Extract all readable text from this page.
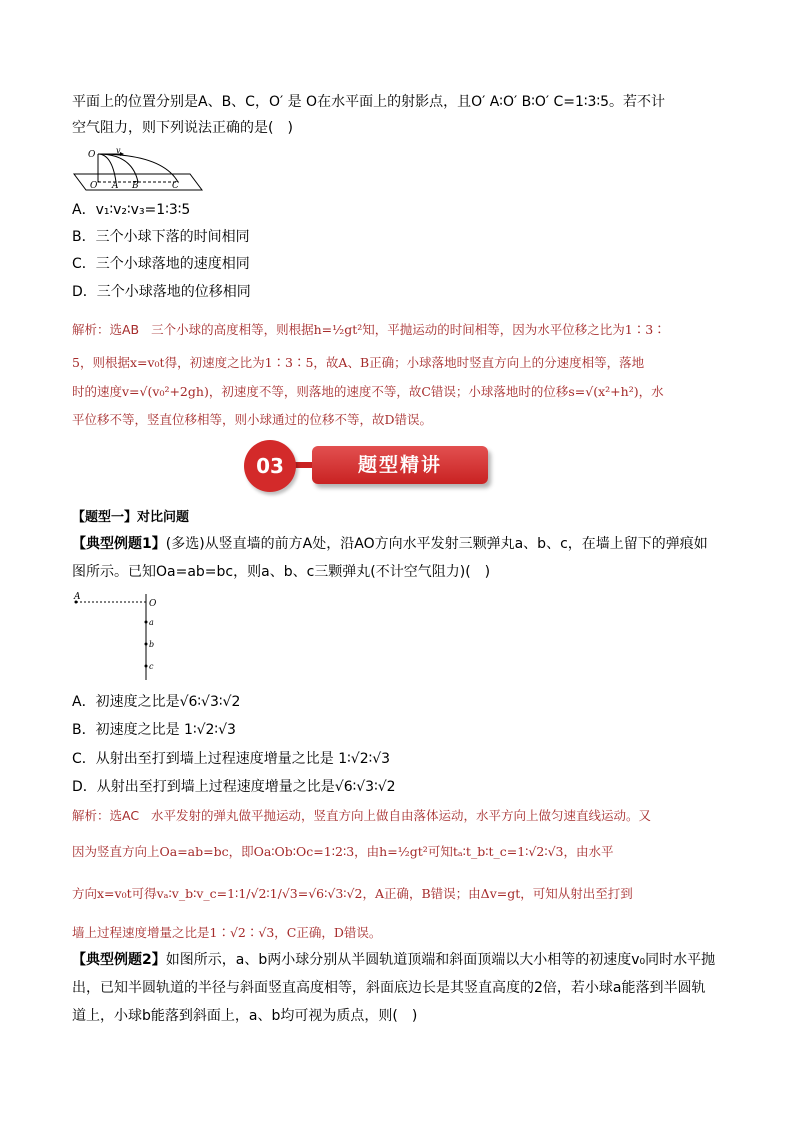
平面上的位置分别是A、B、C，O′ 是 O在水平面上的射影点，且O′ A∶O′ B∶O′ C=1∶3∶5。若不计
空气阻力，则下列说法正确的是(　)
O	v
O′ A B	C
A．v₁∶v₂∶v₃=1∶3∶5
B．三个小球下落的时间相同
C．三个小球落地的速度相同
D．三个小球落地的位移相同
解析：选AB 三个小球的高度相等，则根据h=½gt²知，平抛运动的时间相等，因为水平位移之比为1∶3∶
5，则根据x=v₀t得，初速度之比为1∶3∶5，故A、B正确；小球落地时竖直方向上的分速度相等，落地
时的速度v=√(v₀²+2gh)，初速度不等，则落地的速度不等，故C错误；小球落地时的位移s=√(x²+h²)，水
平位移不等，竖直位移相等，则小球通过的位移不等，故D错误。
03	题型精讲
【题型一】对比问题
【典型例题1】(多选)从竖直墙的前方A处，沿AO方向水平发射三颗弹丸a、b、c，在墙上留下的弹痕如
图所示。已知Oa=ab=bc，则a、b、c三颗弹丸(不计空气阻力)(　)
A
O
a
b
c
A．初速度之比是√6∶√3∶√2
B．初速度之比是 1∶√2∶√3
C．从射出至打到墙上过程速度增量之比是 1∶√2∶√3
D．从射出至打到墙上过程速度增量之比是√6∶√3∶√2
解析：选AC 水平发射的弹丸做平抛运动，竖直方向上做自由落体运动，水平方向上做匀速直线运动。又
因为竖直方向上Oa=ab=bc，即Oa∶Ob∶Oc=1∶2∶3，由h=½gt²可知tₐ∶t_b∶t_c=1∶√2∶√3，由水平
方向x=v₀t可得vₐ∶v_b∶v_c=1∶1/√2∶1/√3=√6∶√3∶√2，A正确，B错误；由Δv=gt，可知从射出至打到
墙上过程速度增量之比是1∶√2∶√3，C正确，D错误。
【典型例题2】如图所示，a、b两小球分别从半圆轨道顶端和斜面顶端以大小相等的初速度v₀同时水平抛
出，已知半圆轨道的半径与斜面竖直高度相等，斜面底边长是其竖直高度的2倍，若小球a能落到半圆轨
道上，小球b能落到斜面上，a、b均可视为质点，则(　)
